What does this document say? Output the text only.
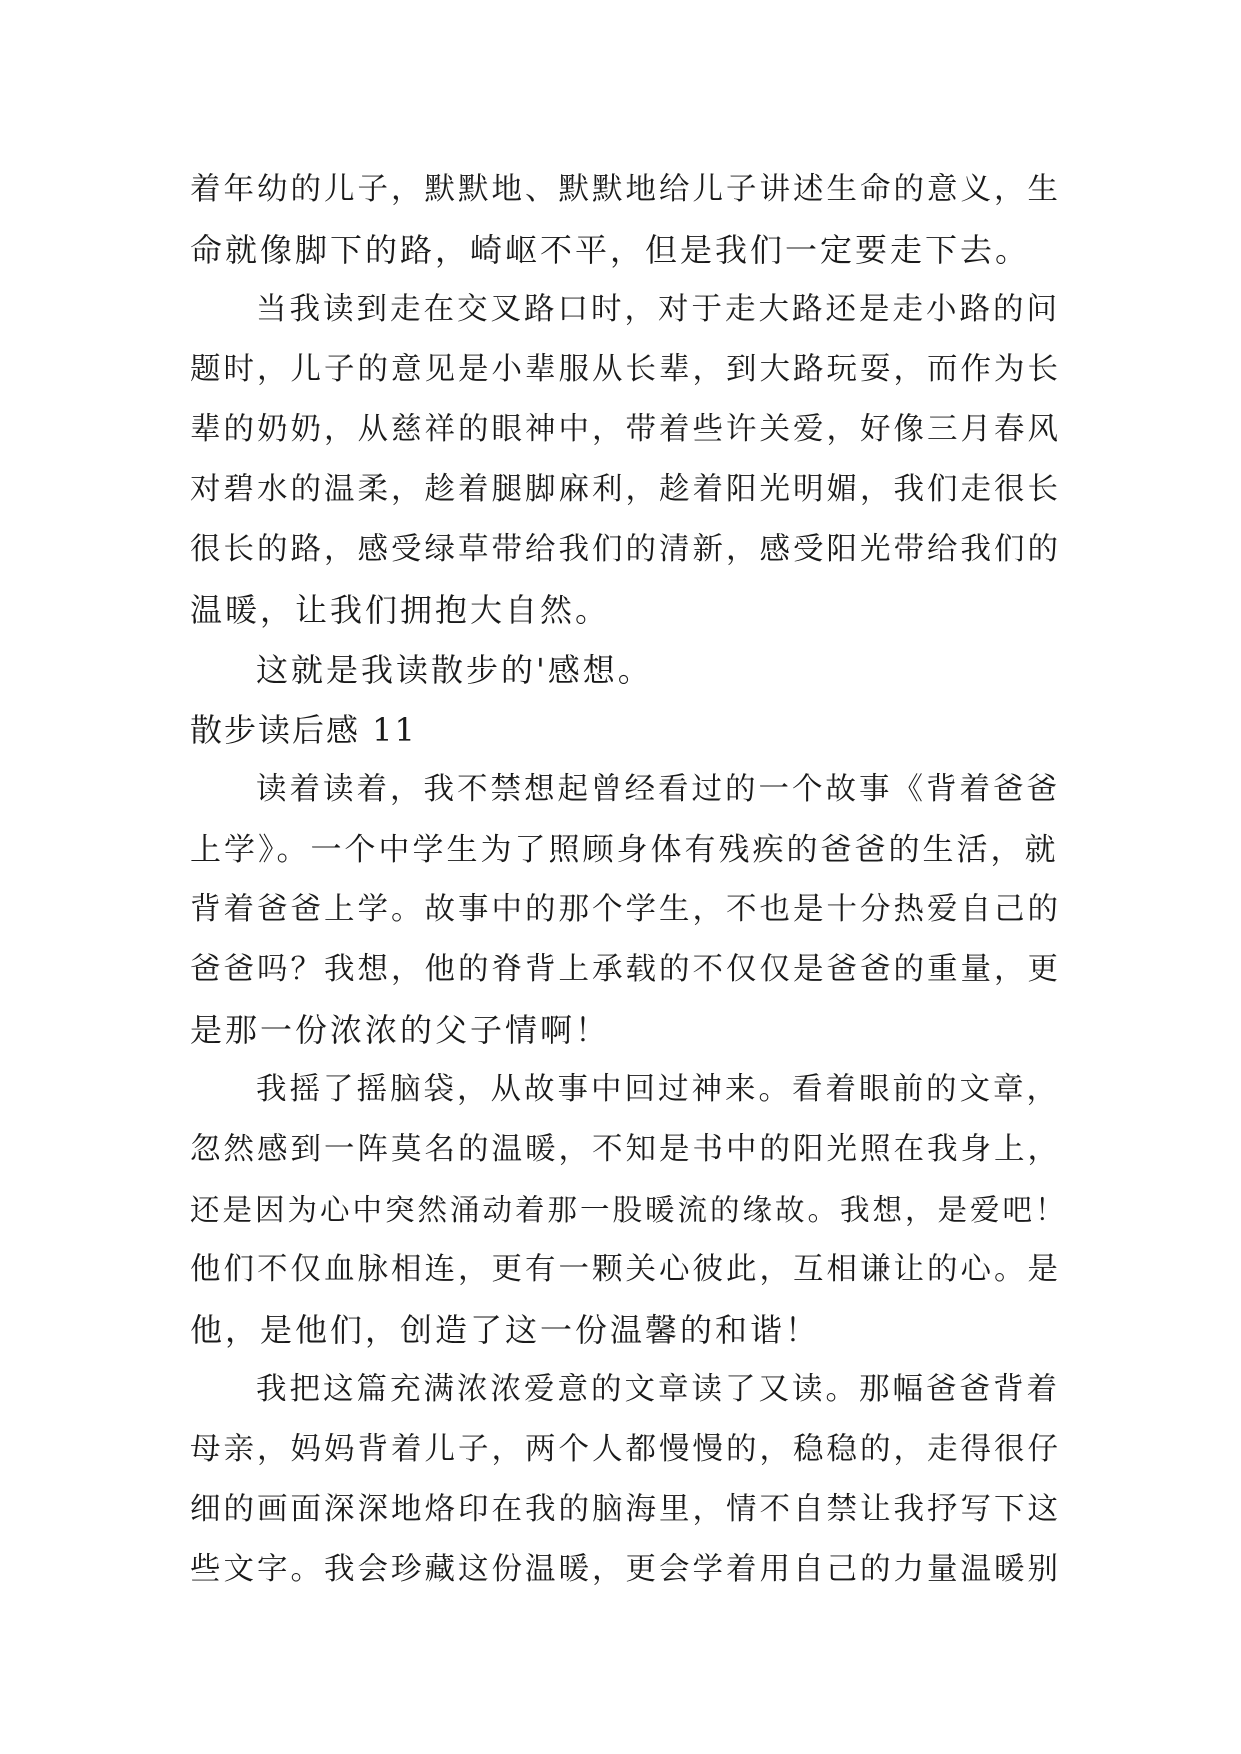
着年幼的儿子，默默地、默默地给儿子讲述生命的意义，生
命就像脚下的路，崎岖不平，但是我们一定要走下去。
当我读到走在交叉路口时，对于走大路还是走小路的问
题时，儿子的意见是小辈服从长辈，到大路玩耍，而作为长
辈的奶奶，从慈祥的眼神中，带着些许关爱，好像三月春风
对碧水的温柔，趁着腿脚麻利，趁着阳光明媚，我们走很长
很长的路，感受绿草带给我们的清新，感受阳光带给我们的
温暖，让我们拥抱大自然。
这就是我读散步的'感想。
散步读后感 11
读着读着，我不禁想起曾经看过的一个故事《背着爸爸
上学》。一个中学生为了照顾身体有残疾的爸爸的生活，就
背着爸爸上学。故事中的那个学生，不也是十分热爱自己的
爸爸吗？我想，他的脊背上承载的不仅仅是爸爸的重量，更
是那一份浓浓的父子情啊！
我摇了摇脑袋，从故事中回过神来。看着眼前的文章，
忽然感到一阵莫名的温暖，不知是书中的阳光照在我身上，
还是因为心中突然涌动着那一股暖流的缘故。我想，是爱吧！
他们不仅血脉相连，更有一颗关心彼此，互相谦让的心。是
他，是他们，创造了这一份温馨的和谐！
我把这篇充满浓浓爱意的文章读了又读。那幅爸爸背着
母亲，妈妈背着儿子，两个人都慢慢的，稳稳的，走得很仔
细的画面深深地烙印在我的脑海里，情不自禁让我抒写下这
些文字。我会珍藏这份温暖，更会学着用自己的力量温暖别
